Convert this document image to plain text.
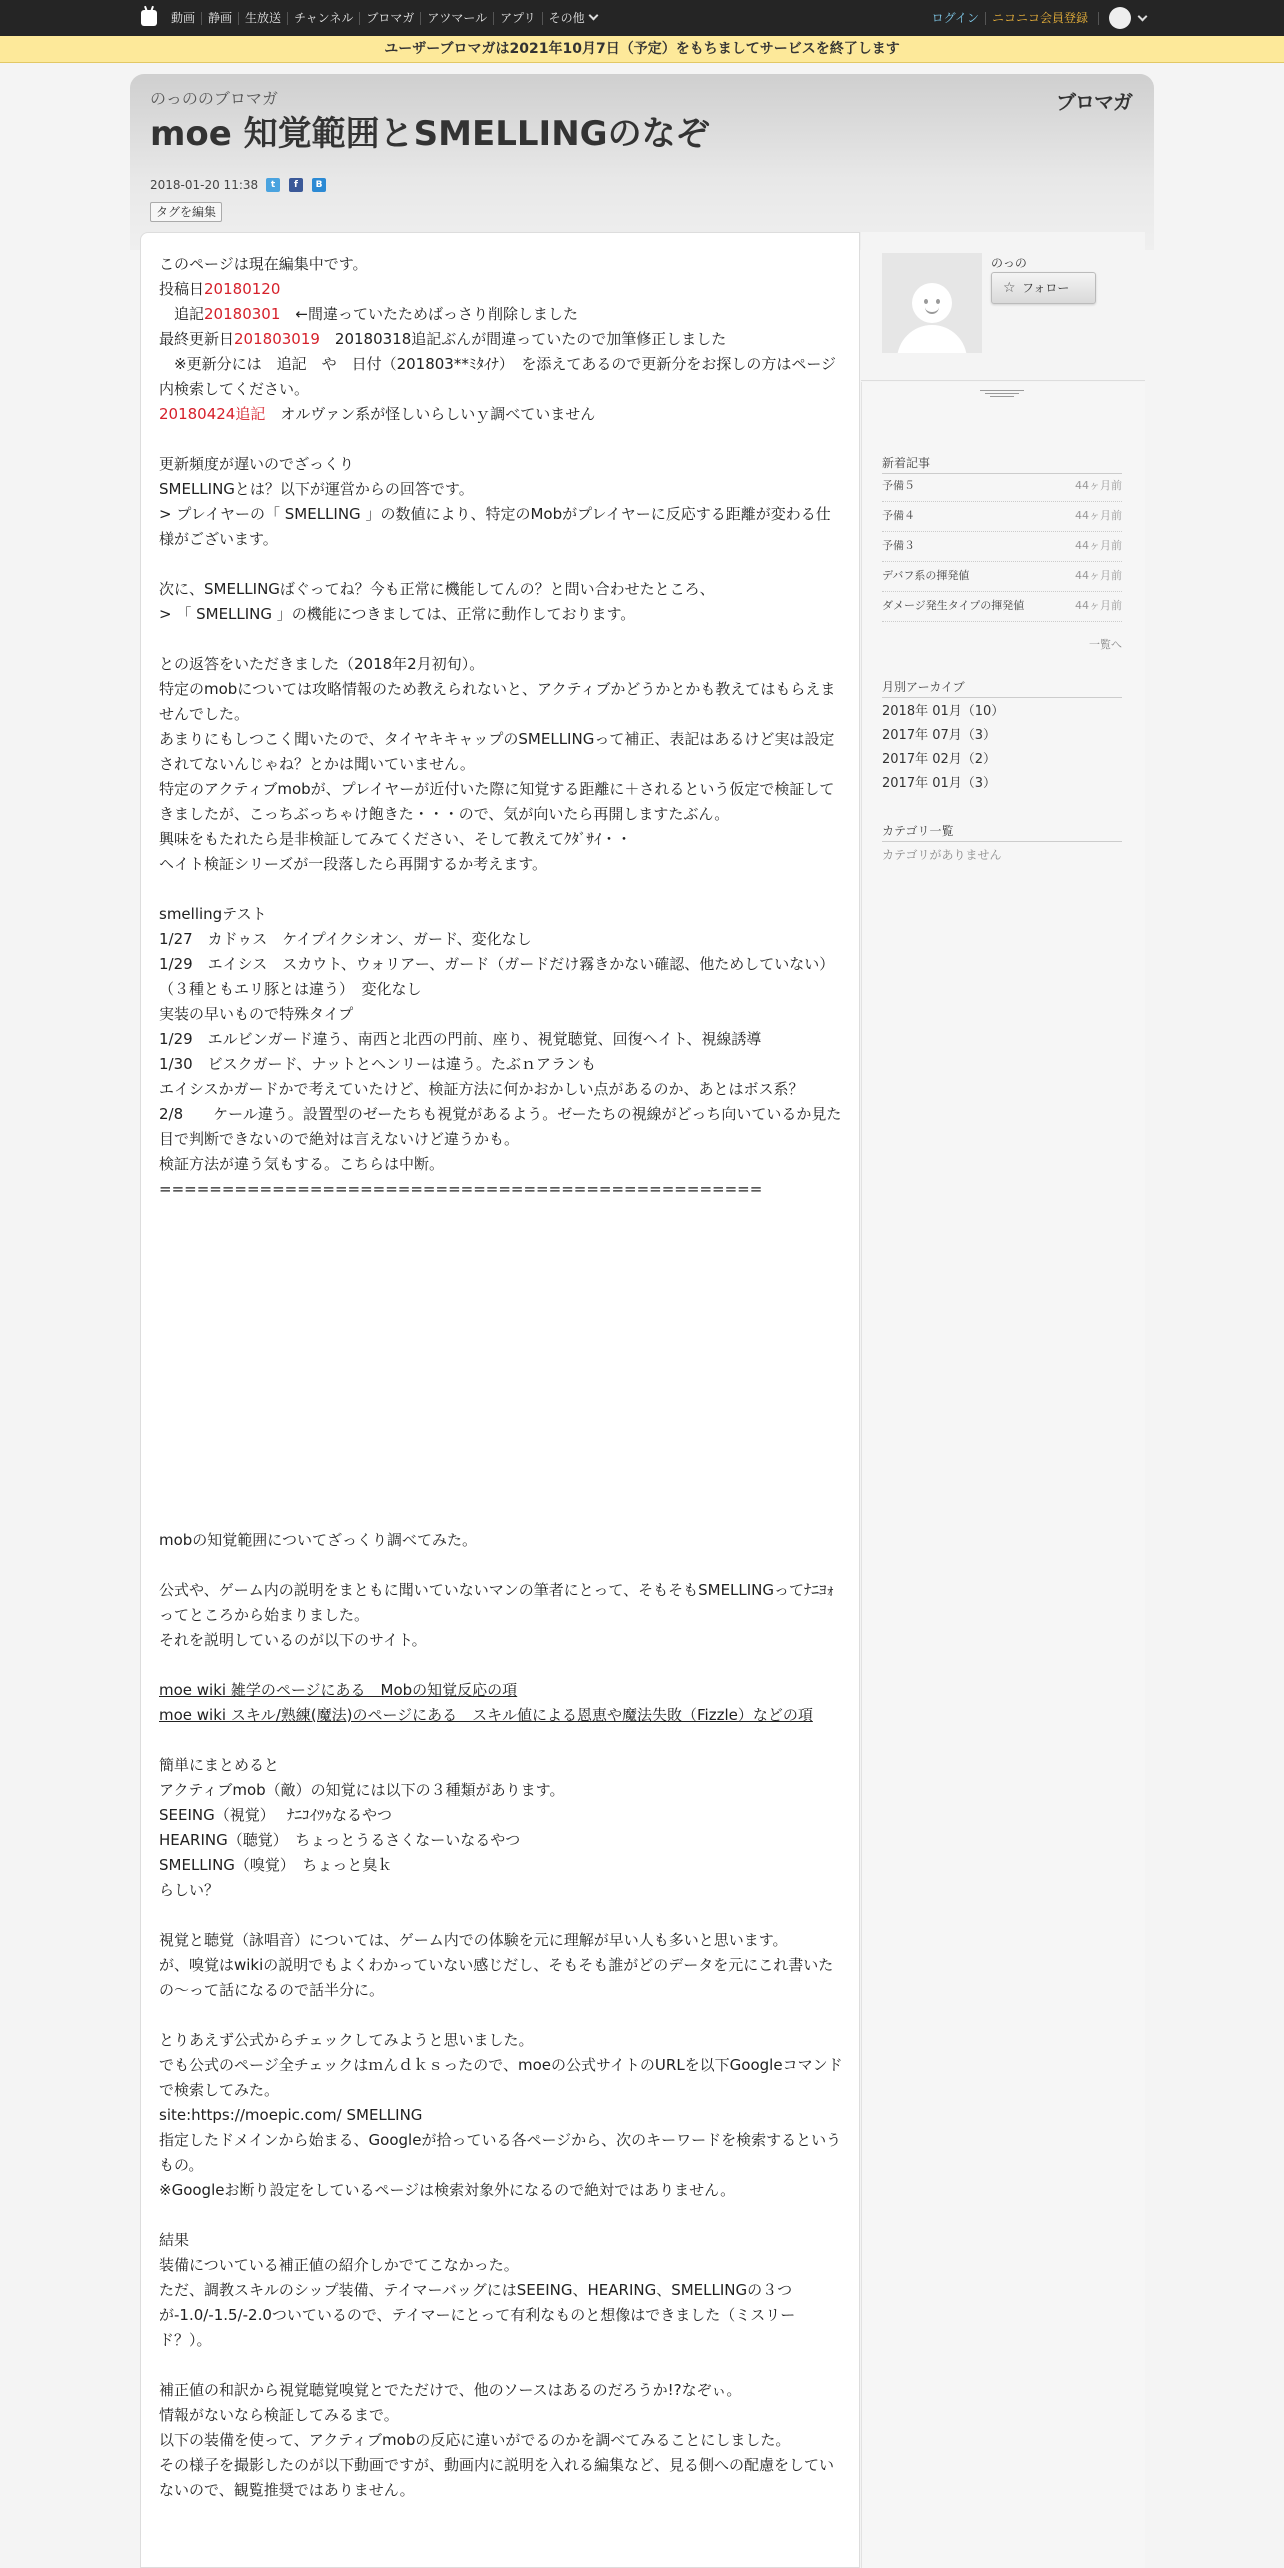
動画	静画	生放送	チャンネル	ブロマガ	アツマール	アプリ	その他	ログイン	ニコニコ会員登録
ユーザーブロマガは2021年10月7日（予定）をもちましてサービスを終了します
のっののブロマガ
moe 知覚範囲とSMELLINGのなぞ
ブロマガ
2018-01-20 11:38	t	f	B
タグを編集
このページは現在編集中です。
投稿日20180120
　追記20180301　←間違っていたためばっさり削除しました
最終更新日201803019　20180318追記ぶんが間違っていたので加筆修正しました
　※更新分には　追記　や　日付（201803**ﾐﾀｲﾅ）　を添えてあるので更新分をお探しの方はページ内検索してください。
20180424追記　オルヴァン系が怪しいらしいｙ調べていません
更新頻度が遅いのでざっくり
SMELLINGとは？以下が運営からの回答です。
> プレイヤーの「 SMELLING 」の数値により、特定のMobがプレイヤーに反応する距離が変わる仕様がございます。
次に、SMELLINGばぐってね？今も正常に機能してんの？と問い合わせたところ、
> 「 SMELLING 」の機能につきましては、正常に動作しております。
との返答をいただきました（2018年2月初旬）。
特定のmobについては攻略情報のため教えられないと、アクティブかどうかとかも教えてはもらえませんでした。
あまりにもしつこく聞いたので、タイヤキキャップのSMELLINGって補正、表記はあるけど実は設定されてないんじゃね？とかは聞いていません。
特定のアクティブmobが、プレイヤーが近付いた際に知覚する距離に＋されるという仮定で検証してきましたが、こっちぶっちゃけ飽きた・・・ので、気が向いたら再開しますたぶん。
興味をもたれたら是非検証してみてください、そして教えてｸﾀﾞｻｲ・・
ヘイト検証シリーズが一段落したら再開するか考えます。
smellingテスト
1/27　カドゥス　ケイプイクシオン、ガード、変化なし
1/29　エイシス　スカウト、ウォリアー、ガード（ガードだけ霧きかない確認、他ためしていない）（３種ともエリ豚とは違う）　変化なし
実装の早いもので特殊タイプ
1/29　エルビンガード違う、南西と北西の門前、座り、視覚聴覚、回復ヘイト、視線誘導
1/30　ビスクガード、ナットとヘンリーは違う。たぶｎアランも
エイシスかガードかで考えていたけど、検証方法に何かおかしい点があるのか、あとはボス系？
2/8　　ケール違う。設置型のゼーたちも視覚があるよう。ゼーたちの視線がどっち向いているか見た目で判断できないので絶対は言えないけど違うかも。
検証方法が違う気もする。こちらは中断。
================================================
mobの知覚範囲についてざっくり調べてみた。
公式や、ゲーム内の説明をまともに聞いていないマンの筆者にとって、そもそもSMELLINGってﾅﾆﾖｫってところから始まりました。
それを説明しているのが以下のサイト。
moe wiki 雑学のページにある　Mobの知覚反応の項
moe wiki スキル/熟練(魔法)のページにある　スキル値による恩恵や魔法失敗（Fizzle）などの項
簡単にまとめると
アクティブmob（敵）の知覚には以下の３種類があります。
SEEING（視覚）　 ﾅﾆｺｲﾂｩなるやつ
HEARING（聴覚）　ちょっとうるさくなーいなるやつ
SMELLING（嗅覚）　ちょっと臭ｋ
らしい？
視覚と聴覚（詠唱音）については、ゲーム内での体験を元に理解が早い人も多いと思います。
が、嗅覚はwikiの説明でもよくわかっていない感じだし、そもそも誰がどのデータを元にこれ書いたの～って話になるので話半分に。
とりあえず公式からチェックしてみようと思いました。
でも公式のページ全チェックはｍんｄｋｓったので、moeの公式サイトのURLを以下Googleコマンドで検索してみた。
site:https://moepic.com/ SMELLING
指定したドメインから始まる、Googleが拾っている各ページから、次のキーワードを検索するというもの。
※Googleお断り設定をしているページは検索対象外になるので絶対ではありません。
結果
装備についている補正値の紹介しかでてこなかった。
ただ、調教スキルのシップ装備、テイマーバッグにはSEEING、HEARING、SMELLINGの３つが-1.0/-1.5/-2.0ついているので、テイマーにとって有利なものと想像はできました（ミスリード？）。
補正値の和訳から視覚聴覚嗅覚とでただけで、他のソースはあるのだろうか!?なぞぃ。
情報がないなら検証してみるまで。
以下の装備を使って、アクティブmobの反応に違いがでるのかを調べてみることにしました。
その様子を撮影したのが以下動画ですが、動画内に説明を入れる編集など、見る側への配慮をしていないので、観覧推奨ではありません。
のっの
☆ フォロー
新着記事
予備５	44ヶ月前
予備４	44ヶ月前
予備３	44ヶ月前
デバフ系の揮発値	44ヶ月前
ダメージ発生タイプの揮発値	44ヶ月前
一覧へ
月別アーカイブ
2018年 01月（10）
2017年 07月（3）
2017年 02月（2）
2017年 01月（3）
カテゴリ一覧
カテゴリがありません
